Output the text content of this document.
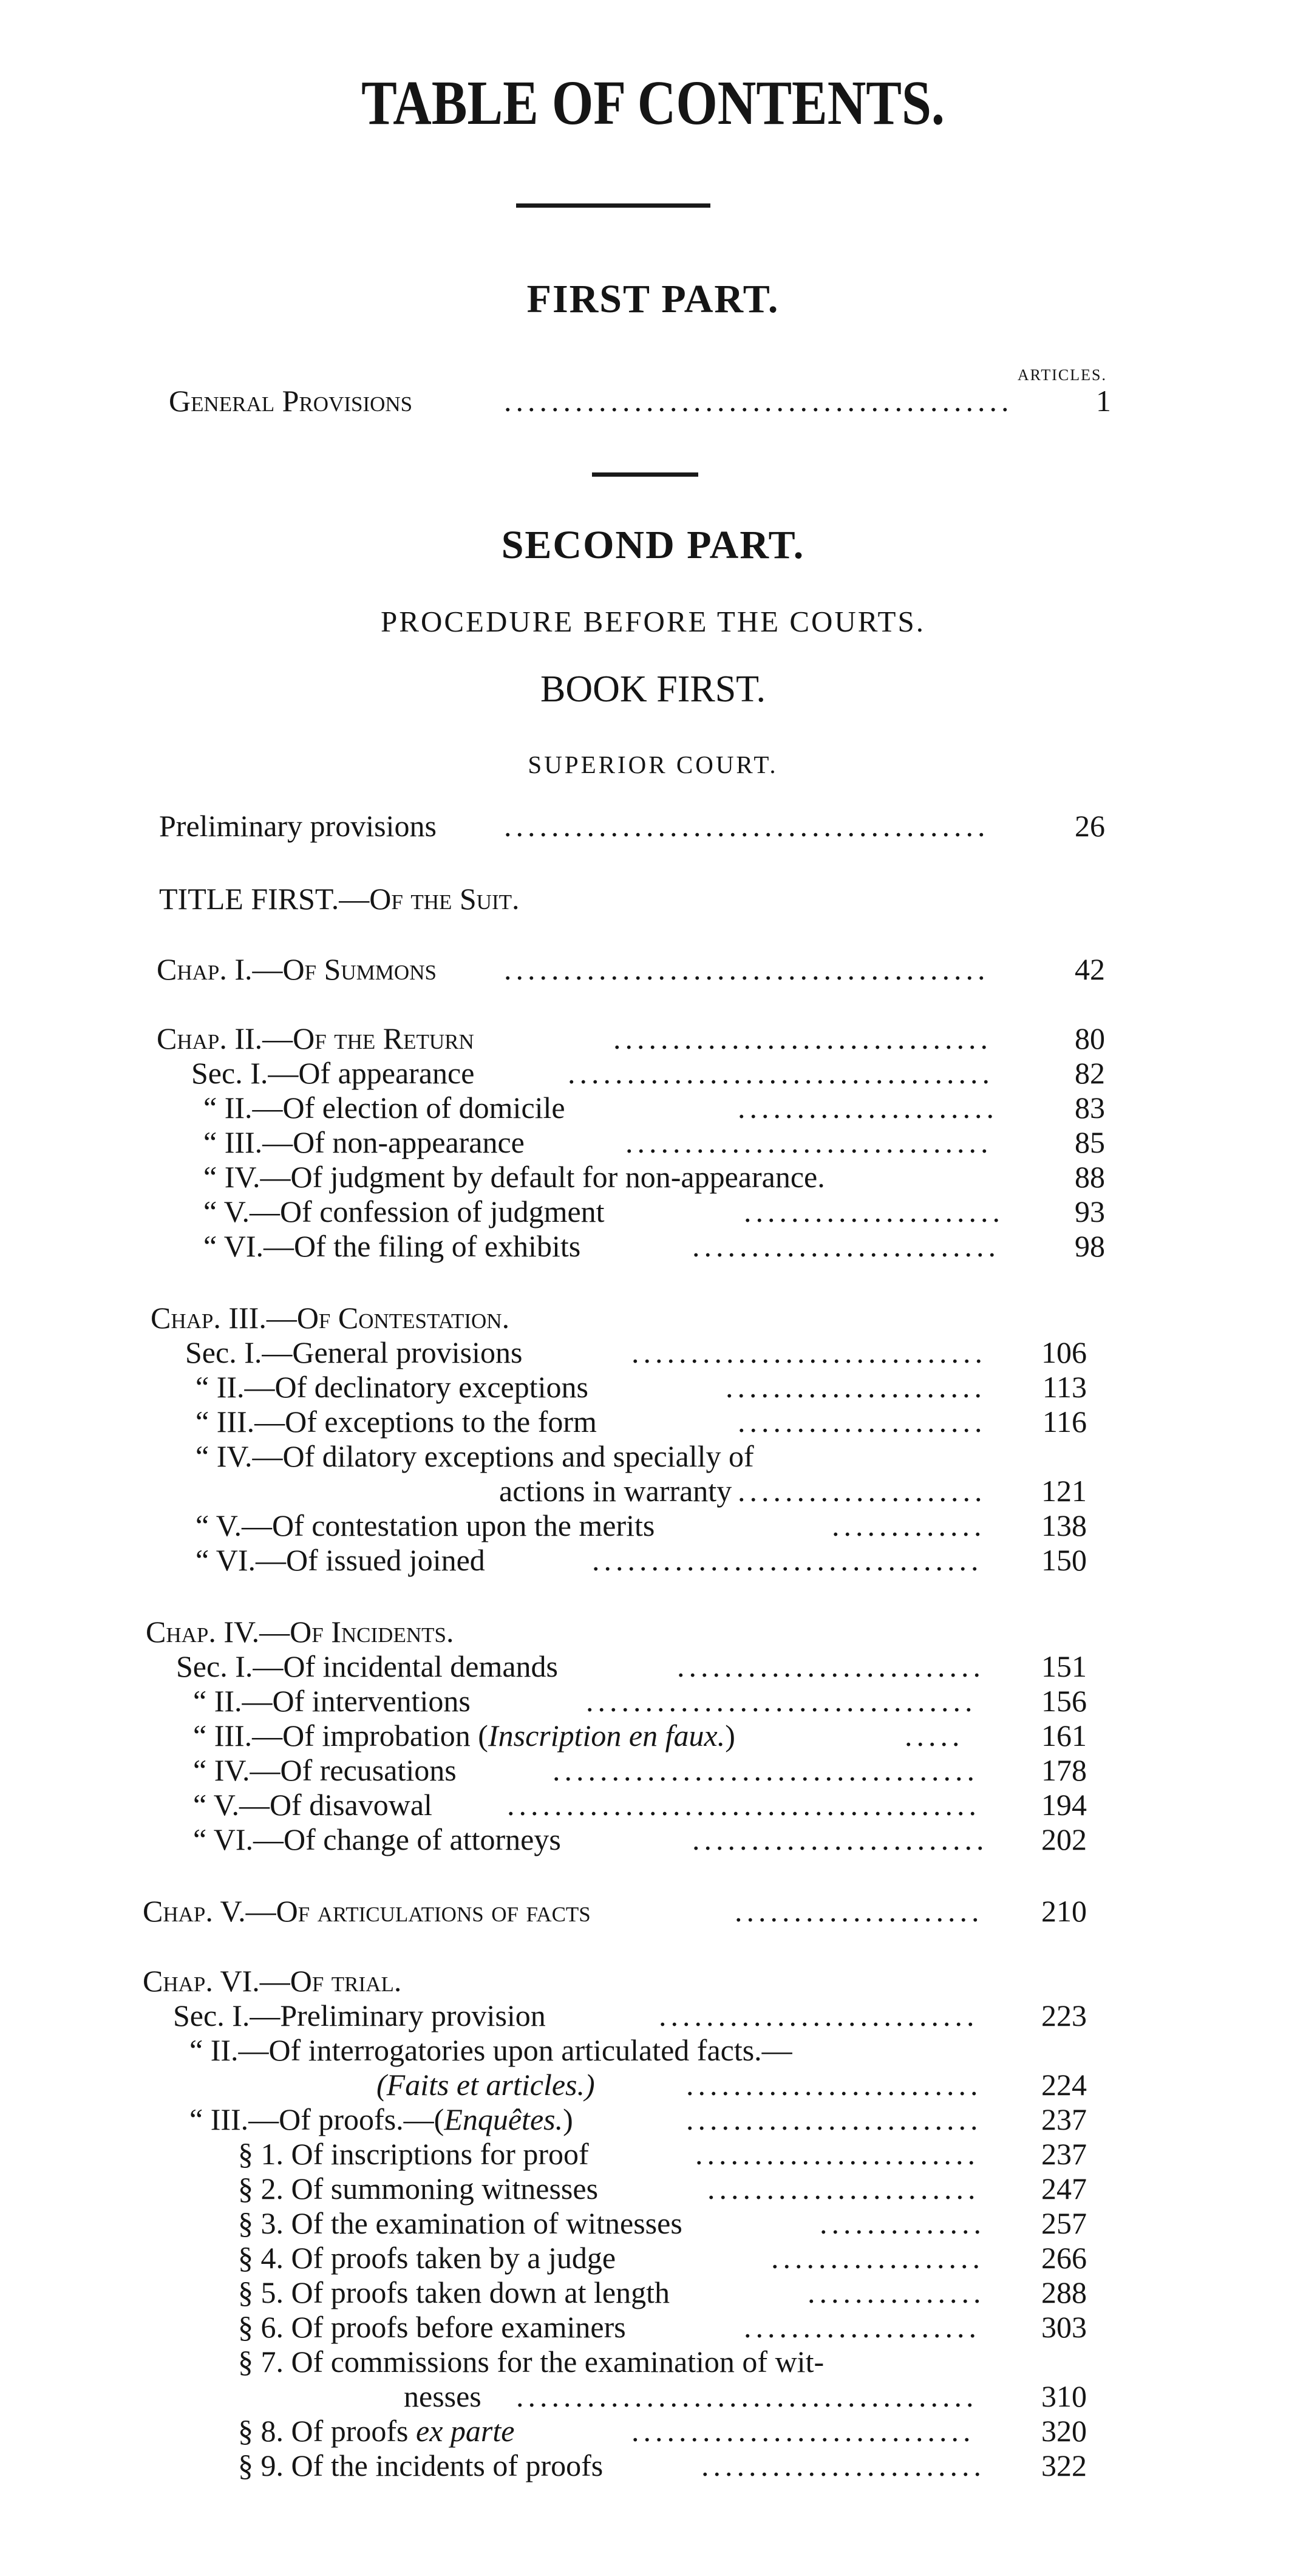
TABLE OF CONTENTS.
FIRST PART.
ARTICLES.
General Provisions	...........................................	1
SECOND PART.
PROCEDURE BEFORE THE COURTS.
BOOK FIRST.
SUPERIOR COURT.
Preliminary provisions .........................................	26
TITLE FIRST.—Of the Suit.
Chap. I.—Of Summons .........................................	42
Chap. II.—Of the Return	................................	80
Sec. I.—Of appearance	....................................	82
“ II.—Of election of domicile	......................	83
“ III.—Of non-appearance	...............................	85
“ IV.—Of judgment by default for non-appearance.	88
“ V.—Of confession of judgment	......................	93
“ VI.—Of the filing of exhibits	..........................	98
Chap. III.—Of Contestation.
Sec. I.—General provisions	..............................	106
“ II.—Of declinatory exceptions	......................	113
“ III.—Of exceptions to the form	.....................	116
“ IV.—Of dilatory exceptions and specially of
actions in warranty .....................	121
“ V.—Of contestation upon the merits	.............	138
“ VI.—Of issued joined	.................................	150
Chap. IV.—Of Incidents.
Sec. I.—Of incidental demands	..........................	151
“ II.—Of interventions	.................................	156
“ III.—Of improbation (Inscription en faux.)	.....	161
“ IV.—Of recusations	....................................	178
“ V.—Of disavowal ........................................	194
“ VI.—Of change of attorneys	.........................	202
Chap. V.—Of articulations of facts	.....................	210
Chap. VI.—Of trial.
Sec. I.—Preliminary provision	...........................	223
“ II.—Of interrogatories upon articulated facts.—
(Faits et articles.)	.........................	224
“ III.—Of proofs.—(Enquêtes.)	.........................	237
§ 1. Of inscriptions for proof	........................	237
§ 2. Of summoning witnesses	.......................	247
§ 3. Of the examination of witnesses	..............	257
§ 4. Of proofs taken by a judge	..................	266
§ 5. Of proofs taken down at length	...............	288
§ 6. Of proofs before examiners	....................	303
§ 7. Of commissions for the examination of wit-
nesses .......................................	310
§ 8. Of proofs ex parte	.............................	320
§ 9. Of the incidents of proofs	........................	322
